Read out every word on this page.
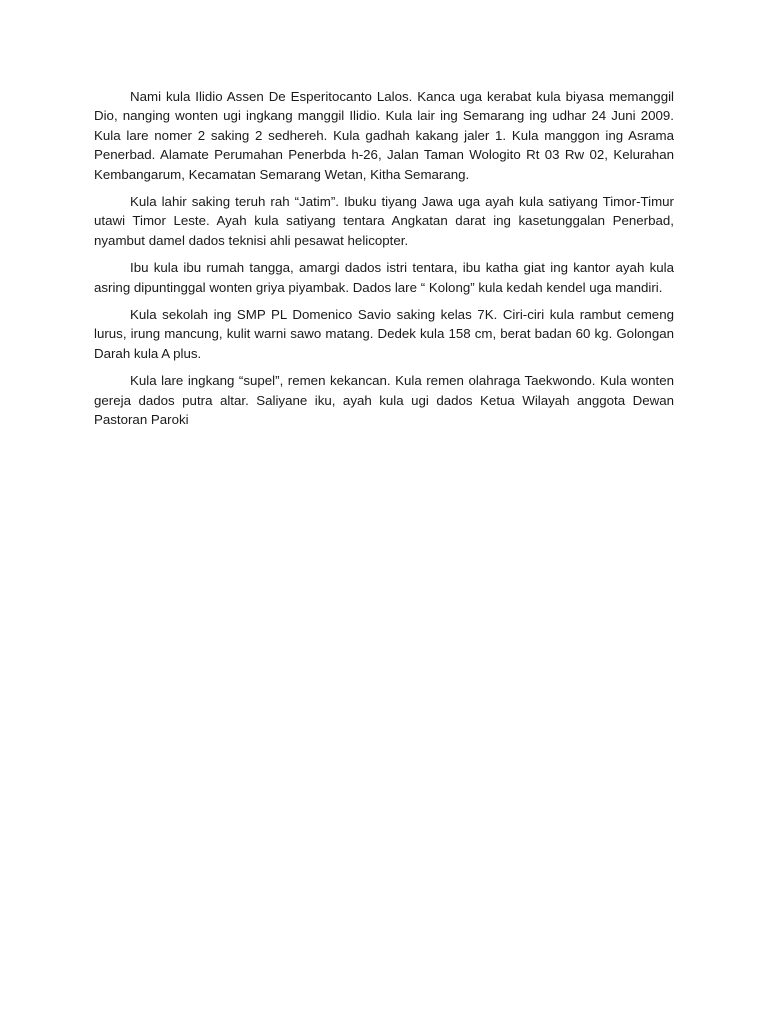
Nami kula Ilidio Assen De Esperitocanto Lalos. Kanca uga kerabat kula biyasa memanggil Dio, nanging wonten ugi ingkang manggil Ilidio. Kula lair ing Semarang ing udhar 24 Juni 2009. Kula lare nomer 2 saking 2 sedhereh. Kula gadhah kakang jaler 1. Kula manggon ing Asrama Penerbad. Alamate Perumahan Penerbda h-26, Jalan Taman Wologito Rt 03 Rw 02, Kelurahan Kembangarum, Kecamatan Semarang Wetan, Kitha Semarang.

Kula lahir saking teruh rah “Jatim”. Ibuku tiyang Jawa uga ayah kula satiyang Timor-Timur utawi Timor Leste. Ayah kula satiyang tentara Angkatan darat ing kasetunggalan Penerbad, nyambut damel dados teknisi ahli pesawat helicopter.

Ibu kula ibu rumah tangga, amargi dados istri tentara, ibu katha giat ing kantor ayah kula asring dipuntinggal wonten griya piyambak. Dados lare “ Kolong” kula kedah kendel uga mandiri.

Kula sekolah ing SMP PL Domenico Savio saking kelas 7K. Ciri-ciri kula rambut cemeng lurus, irung mancung, kulit warni sawo matang. Dedek kula 158 cm, berat badan 60 kg. Golongan Darah kula A plus.

Kula lare ingkang “supel”, remen kekancan. Kula remen olahraga Taekwondo. Kula wonten gereja dados putra altar. Saliyane iku, ayah kula ugi dados Ketua Wilayah anggota Dewan Pastoran Paroki
